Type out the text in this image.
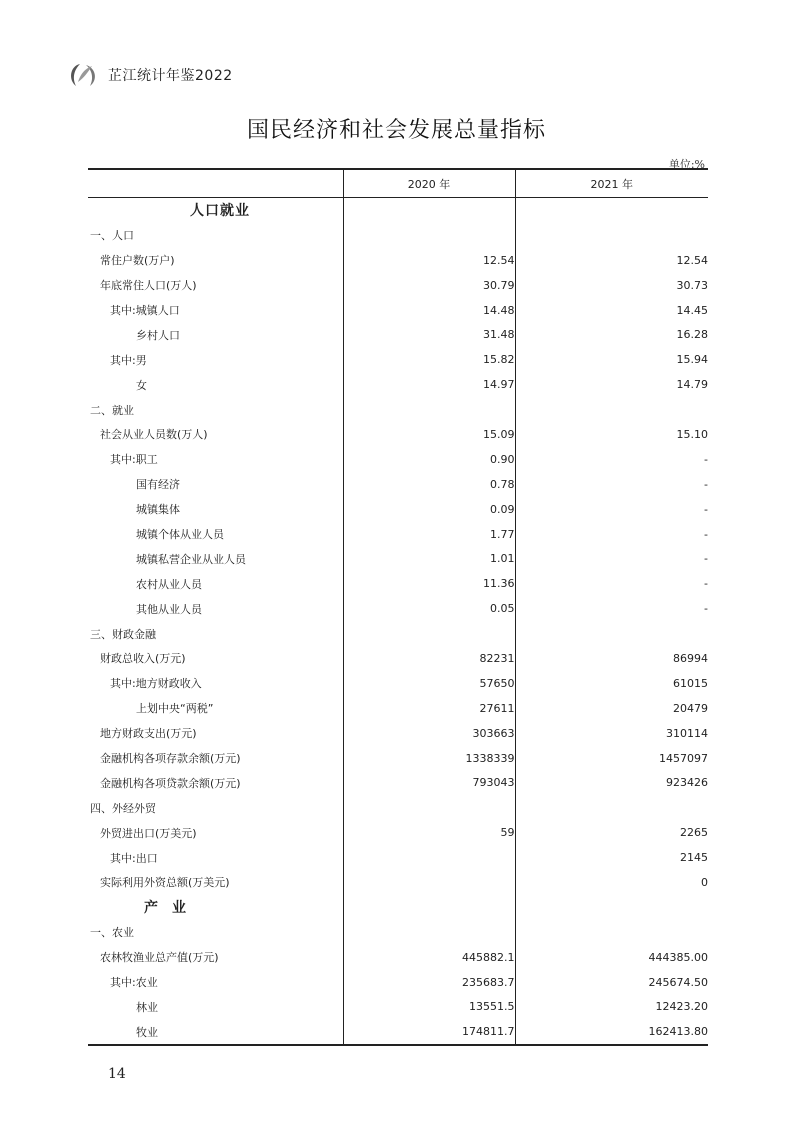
芷江统计年鉴2022
国民经济和社会发展总量指标
单位:%
	2020 年	2021 年
人口就业		
一、人口		
常住户数(万户)	12.54	12.54
年底常住人口(万人)	30.79	30.73
其中:城镇人口	14.48	14.45
乡村人口	31.48	16.28
其中:男	15.82	15.94
女	14.97	14.79
二、就业		
社会从业人员数(万人)	15.09	15.10
其中:职工	0.90	-
国有经济	0.78	-
城镇集体	0.09	-
城镇个体从业人员	1.77	-
城镇私营企业从业人员	1.01	-
农村从业人员	11.36	-
其他从业人员	0.05	-
三、财政金融		
财政总收入(万元)	82231	86994
其中:地方财政收入	57650	61015
上划中央“两税”	27611	20479
地方财政支出(万元)	303663	310114
金融机构各项存款余额(万元)	1338339	1457097
金融机构各项贷款余额(万元)	793043	923426
四、外经外贸		
外贸进出口(万美元)	59	2265
其中:出口		2145
实际利用外资总额(万美元)		0
产业		
一、农业		
农林牧渔业总产值(万元)	445882.1	444385.00
其中:农业	235683.7	245674.50
林业	13551.5	12423.20
牧业	174811.7	162413.80
14
